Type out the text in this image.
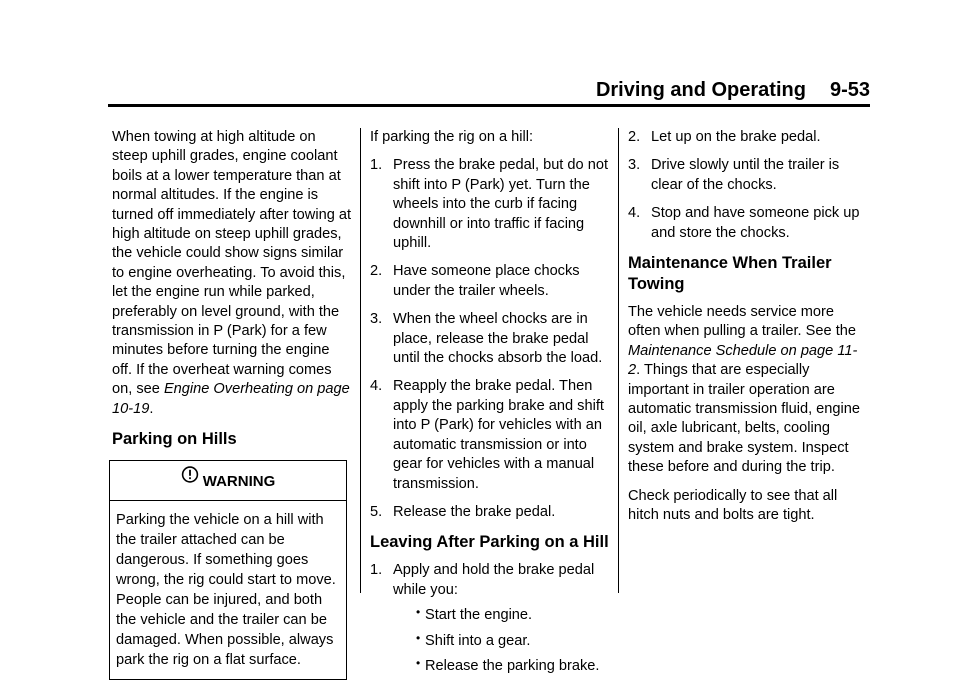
Driving and Operating 9-53

When towing at high altitude on steep uphill grades, engine coolant boils at a lower temperature than at normal altitudes. If the engine is turned off immediately after towing at high altitude on steep uphill grades, the vehicle could show signs similar to engine overheating. To avoid this, let the engine run while parked, preferably on level ground, with the transmission in P (Park) for a few minutes before turning the engine off. If the overheat warning comes on, see Engine Overheating on page 10-19.

Parking on Hills
WARNING
Parking the vehicle on a hill with the trailer attached can be dangerous. If something goes wrong, the rig could start to move. People can be injured, and both the vehicle and the trailer can be damaged. When possible, always park the rig on a flat surface.

If parking the rig on a hill:

1. Press the brake pedal, but do not shift into P (Park) yet. Turn the wheels into the curb if facing downhill or into traffic if facing uphill.
2. Have someone place chocks under the trailer wheels.
3. When the wheel chocks are in place, release the brake pedal until the chocks absorb the load.
4. Reapply the brake pedal. Then apply the parking brake and shift into P (Park) for vehicles with an automatic transmission or into gear for vehicles with a manual transmission.
5. Release the brake pedal.
Leaving After Parking on a Hill
1. Apply and hold the brake pedal while you:
• Start the engine.
• Shift into a gear.
• Release the parking brake.
2. Let up on the brake pedal.
3. Drive slowly until the trailer is clear of the chocks.
4. Stop and have someone pick up and store the chocks.
Maintenance When Trailer Towing

The vehicle needs service more often when pulling a trailer. See the Maintenance Schedule on page 11-2. Things that are especially important in trailer operation are automatic transmission fluid, engine oil, axle lubricant, belts, cooling system and brake system. Inspect these before and during the trip.

Check periodically to see that all hitch nuts and bolts are tight.
